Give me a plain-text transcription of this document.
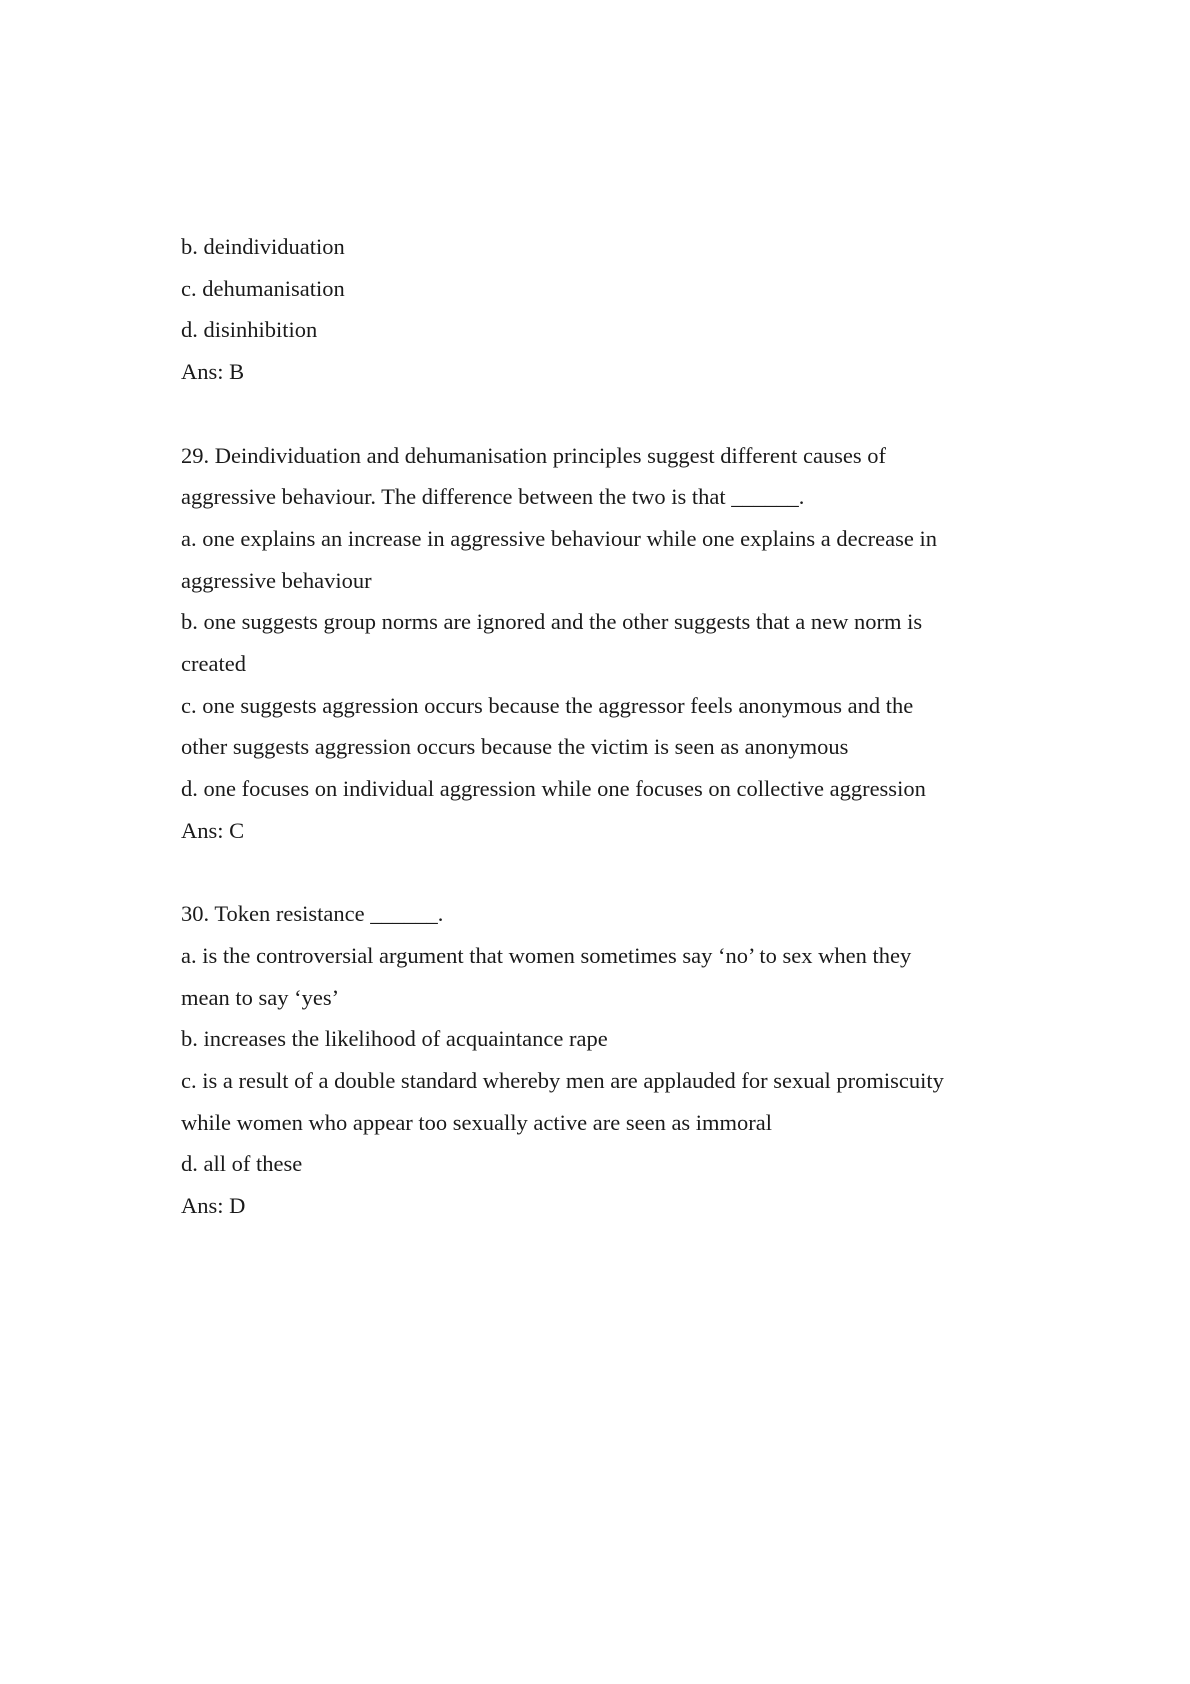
b. deindividuation
c. dehumanisation
d. disinhibition
Ans: B
29. Deindividuation and dehumanisation principles suggest different causes of
aggressive behaviour. The difference between the two is that ______.
a. one explains an increase in aggressive behaviour while one explains a decrease in
aggressive behaviour
b. one suggests group norms are ignored and the other suggests that a new norm is
created
c. one suggests aggression occurs because the aggressor feels anonymous and the
other suggests aggression occurs because the victim is seen as anonymous
d. one focuses on individual aggression while one focuses on collective aggression
Ans: C
30. Token resistance ______.
a. is the controversial argument that women sometimes say ‘no’ to sex when they
mean to say ‘yes’
b. increases the likelihood of acquaintance rape
c. is a result of a double standard whereby men are applauded for sexual promiscuity
while women who appear too sexually active are seen as immoral
d. all of these
Ans: D
